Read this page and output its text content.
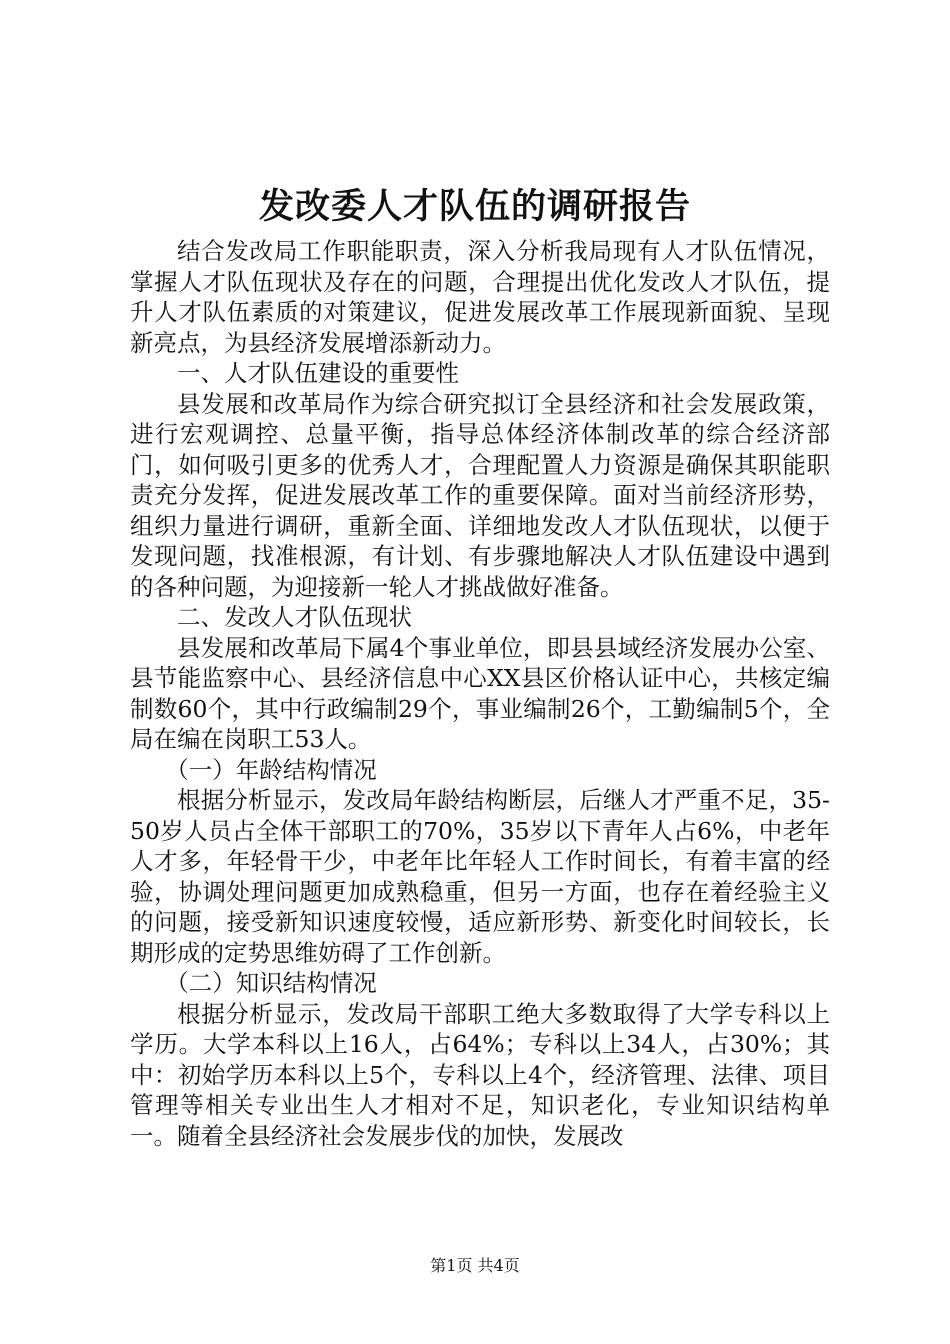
发改委人才队伍的调研报告

结合发改局工作职能职责，深入分析我局现有人才队伍情况，掌握人才队伍现状及存在的问题，合理提出优化发改人才队伍，提升人才队伍素质的对策建议，促进发展改革工作展现新面貌、呈现新亮点，为县经济发展增添新动力。

一、人才队伍建设的重要性

县发展和改革局作为综合研究拟订全县经济和社会发展政策，进行宏观调控、总量平衡，指导总体经济体制改革的综合经济部门，如何吸引更多的优秀人才，合理配置人力资源是确保其职能职责充分发挥，促进发展改革工作的重要保障。面对当前经济形势，组织力量进行调研，重新全面、详细地发改人才队伍现状，以便于发现问题，找准根源，有计划、有步骤地解决人才队伍建设中遇到的各种问题，为迎接新一轮人才挑战做好准备。

二、发改人才队伍现状

县发展和改革局下属4个事业单位，即县县域经济发展办公室、县节能监察中心、县经济信息中心XX县区价格认证中心，共核定编制数60个，其中行政编制29个，事业编制26个，工勤编制5个，全局在编在岗职工53人。

（一）年龄结构情况

根据分析显示，发改局年龄结构断层，后继人才严重不足，35-50岁人员占全体干部职工的70%，35岁以下青年人占6%，中老年人才多，年轻骨干少，中老年比年轻人工作时间长，有着丰富的经验，协调处理问题更加成熟稳重，但另一方面，也存在着经验主义的问题，接受新知识速度较慢，适应新形势、新变化时间较长，长期形成的定势思维妨碍了工作创新。

（二）知识结构情况

根据分析显示，发改局干部职工绝大多数取得了大学专科以上学历。大学本科以上16人，占64%；专科以上34人，占30%；其中：初始学历本科以上5个，专科以上4个，经济管理、法律、项目管理等相关专业出生人才相对不足，知识老化，专业知识结构单一。随着全县经济社会发展步伐的加快，发展改

第1页 共4页
